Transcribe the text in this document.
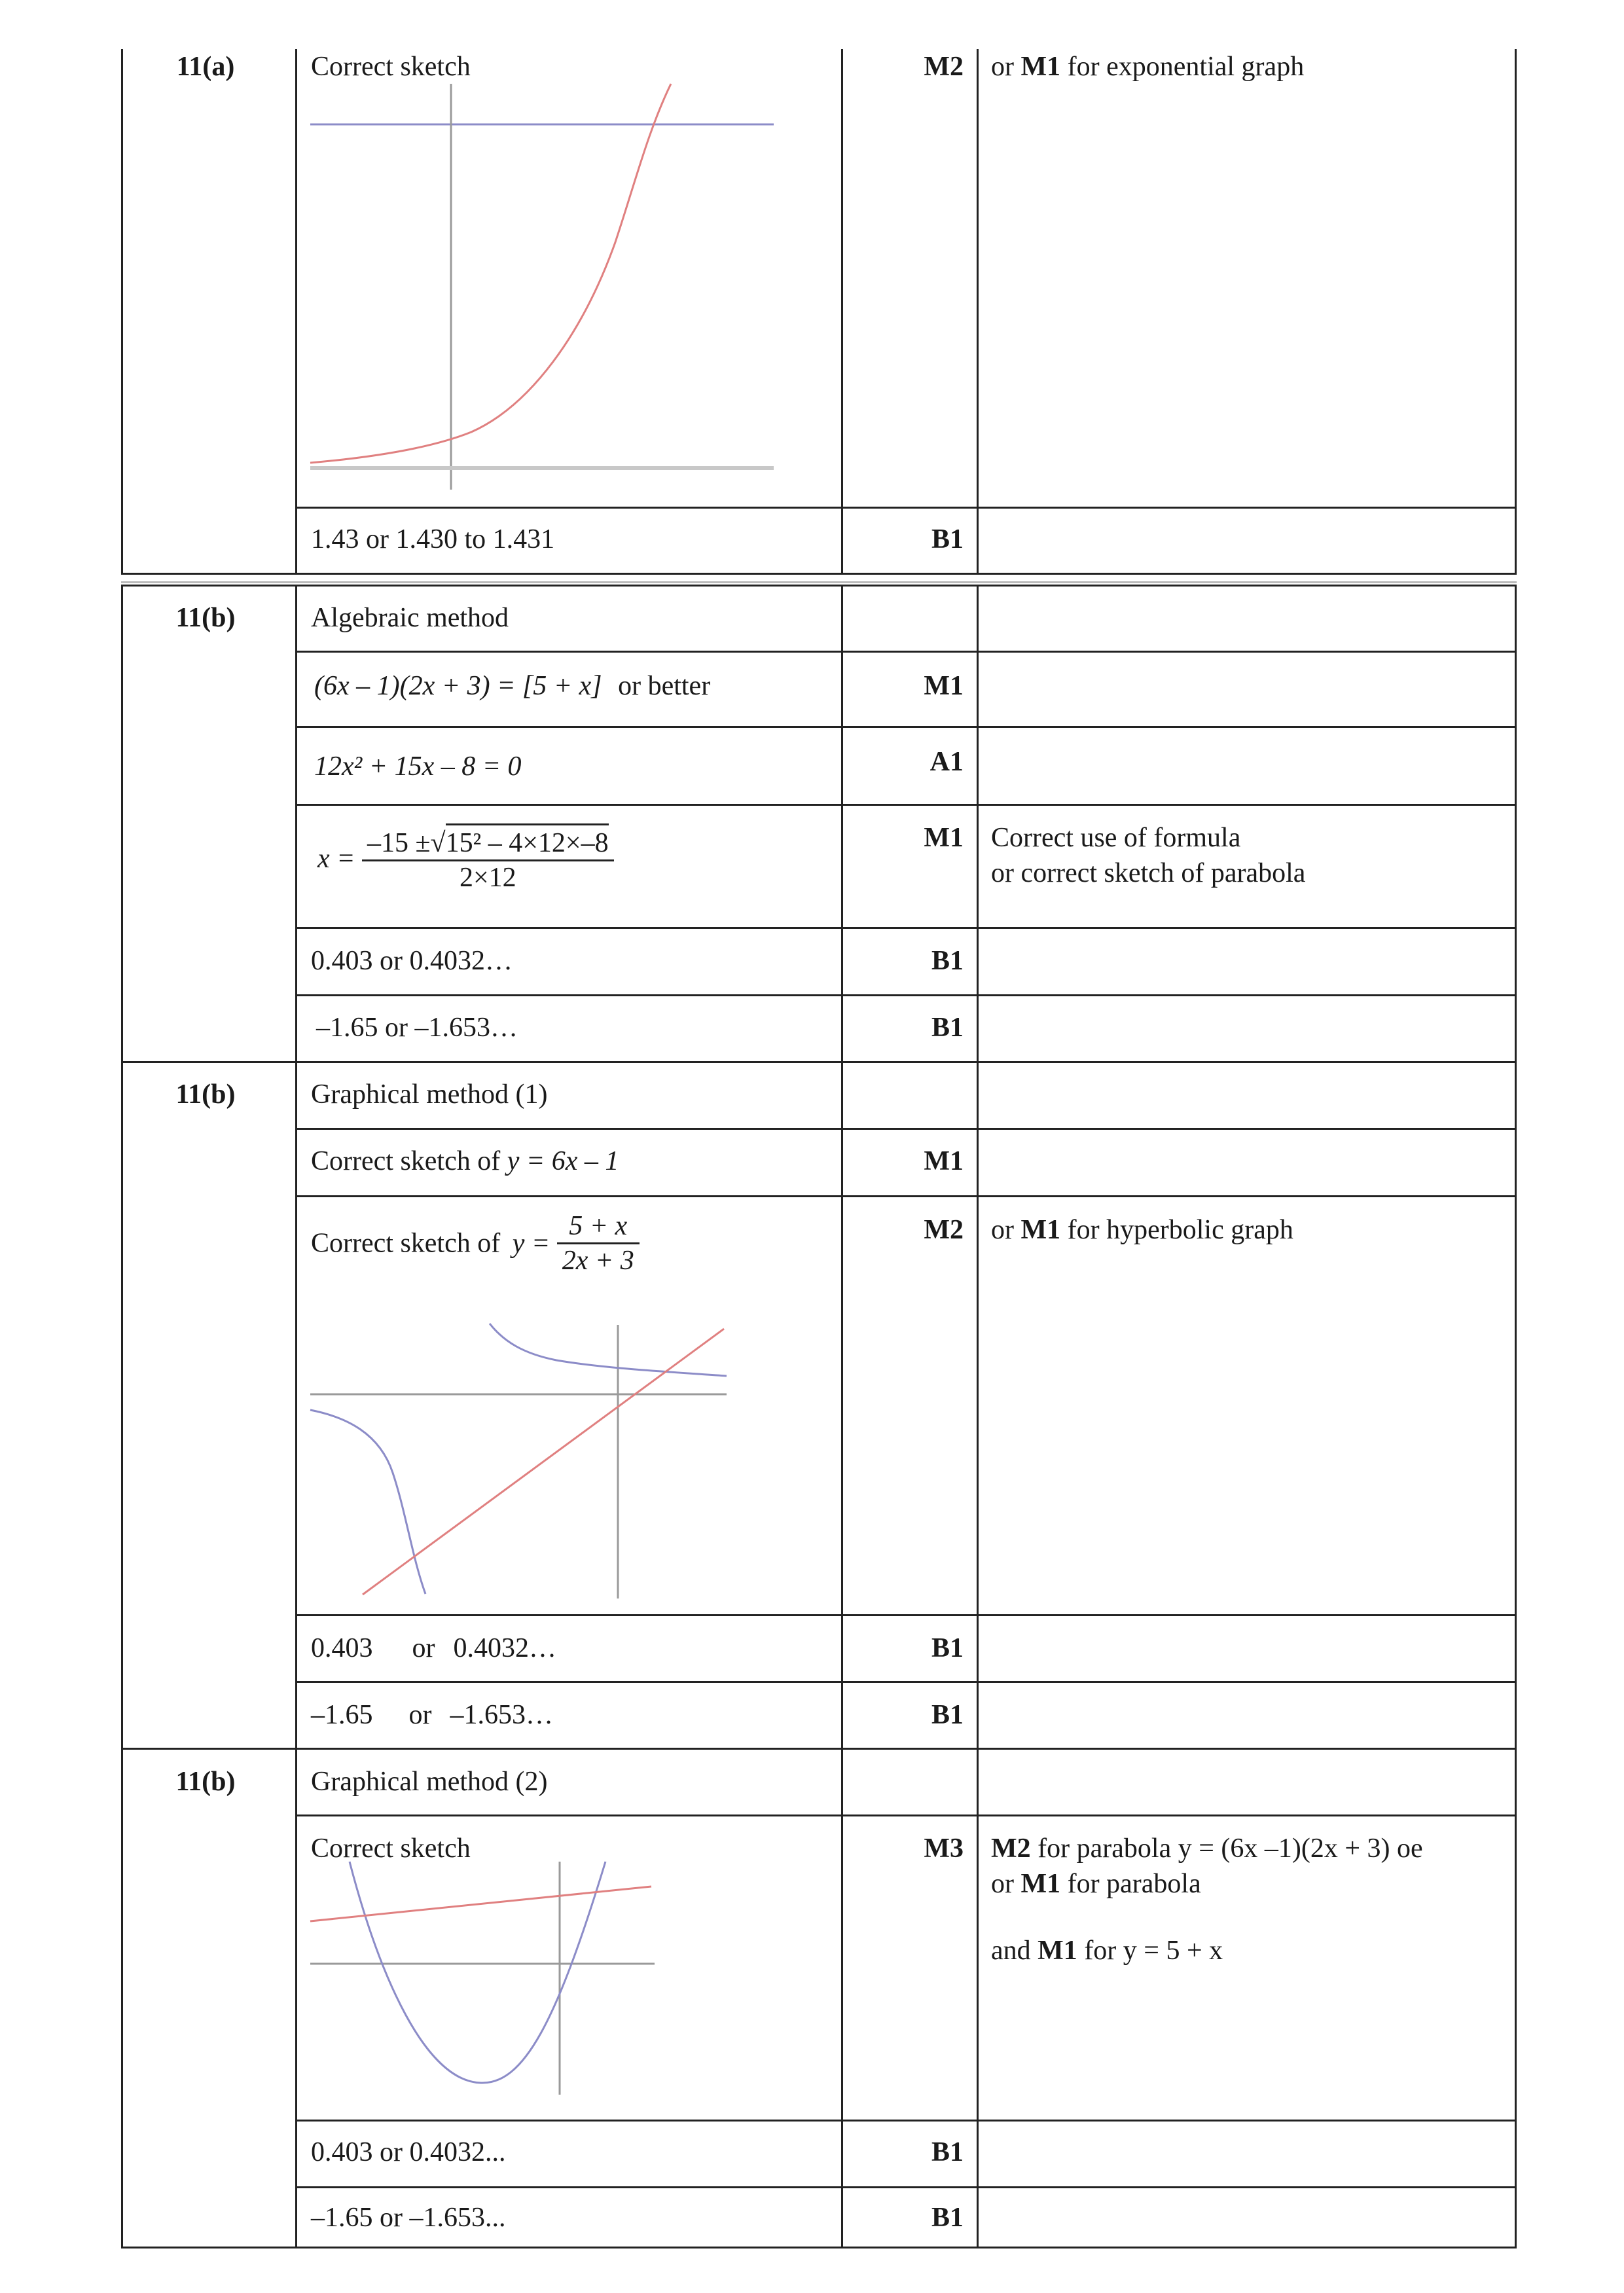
11(a)	Correct sketch	M2 or M1 for exponential graph
1.43 or 1.430 to 1.431	B1
11(b)	Algebraic method
(6x – 1)(2x + 3) = [5 + x] or better	M1
12x² + 15x – 8 = 0	A1
$x = \frac{\text{–15 ±√15² – 4×12×–8}}{2\times 12}$	M1 Correct use of formula
or correct sketch of parabola
0.403 or 0.4032…	B1
–1.65 or –1.653…	B1
11(b)	Graphical method (1)
Correct sketch of y = 6x – 1	M1
Correct sketch of $y = \frac{5 + x}{2x + 3}$	M2 or M1 for hyperbolic graph
0.403 or 0.4032…	B1
–1.65 or –1.653…	B1
11(b)	Graphical method (2)
Correct sketch	M3 M2 for parabola y = (6x –1)(2x + 3) oe
or M1 for parabola
and M1 for y = 5 + x
0.403 or 0.4032...	B1
–1.65 or –1.653...	B1
